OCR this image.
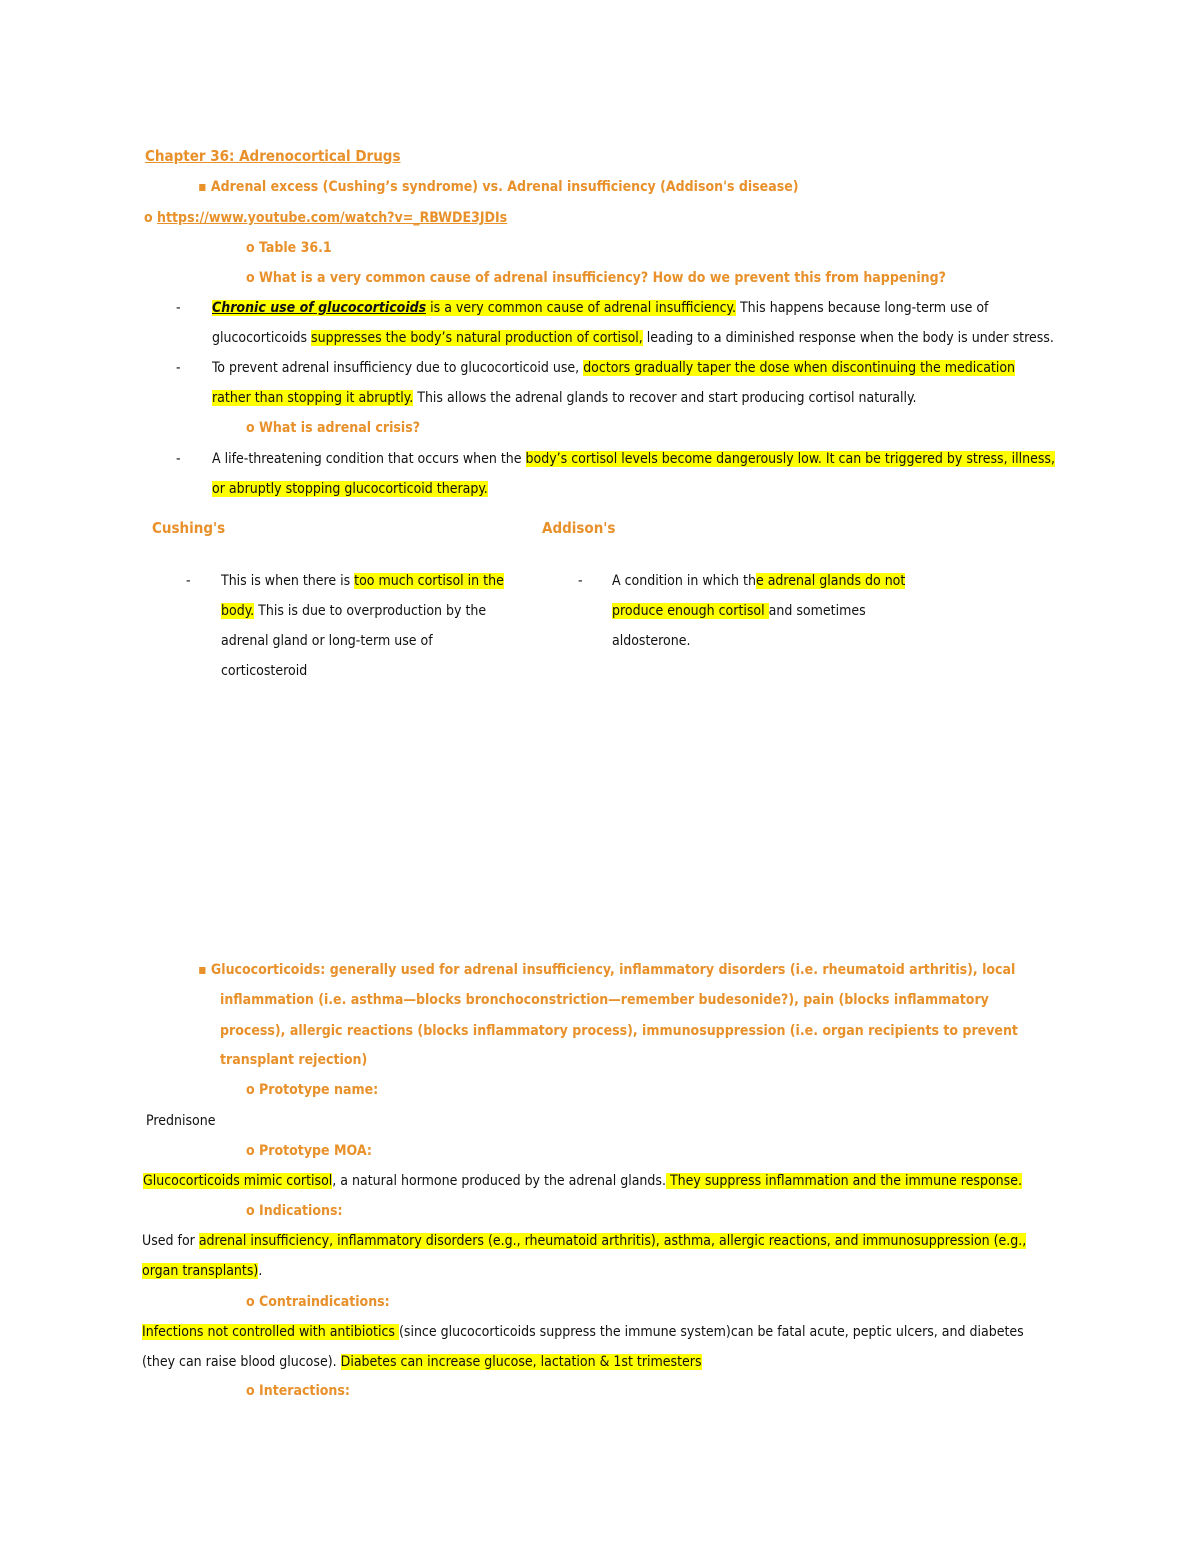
Chapter 36: Adrenocortical Drugs
▪ Adrenal excess (Cushing’s syndrome) vs. Adrenal insufficiency (Addison's disease)
o https://www.youtube.com/watch?v=_RBWDE3JDIs
o Table 36.1
o What is a very common cause of adrenal insufficiency? How do we prevent this from happening?
- Chronic use of glucocorticoids is a very common cause of adrenal insufficiency. This happens because long-term use of
glucocorticoids suppresses the body’s natural production of cortisol, leading to a diminished response when the body is under stress.
- To prevent adrenal insufficiency due to glucocorticoid use, doctors gradually taper the dose when discontinuing the medication
rather than stopping it abruptly. This allows the adrenal glands to recover and start producing cortisol naturally.
o What is adrenal crisis?
- A life-threatening condition that occurs when the body’s cortisol levels become dangerously low. It can be triggered by stress, illness,
or abruptly stopping glucocorticoid therapy.
Cushing's	Addison's
- This is when there is too much cortisol in the
body. This is due to overproduction by the
adrenal gland or long-term use of
corticosteroid
- A condition in which the adrenal glands do not
produce enough cortisol and sometimes
aldosterone.
▪ Glucocorticoids: generally used for adrenal insufficiency, inflammatory disorders (i.e. rheumatoid arthritis), local
inflammation (i.e. asthma—blocks bronchoconstriction—remember budesonide?), pain (blocks inflammatory
process), allergic reactions (blocks inflammatory process), immunosuppression (i.e. organ recipients to prevent
transplant rejection)
o Prototype name:
Prednisone
o Prototype MOA:
Glucocorticoids mimic cortisol, a natural hormone produced by the adrenal glands. They suppress inflammation and the immune response.
o Indications:
Used for adrenal insufficiency, inflammatory disorders (e.g., rheumatoid arthritis), asthma, allergic reactions, and immunosuppression (e.g.,
organ transplants).
o Contraindications:
Infections not controlled with antibiotics (since glucocorticoids suppress the immune system)can be fatal acute, peptic ulcers, and diabetes
(they can raise blood glucose). Diabetes can increase glucose, lactation & 1st trimesters
o Interactions:
